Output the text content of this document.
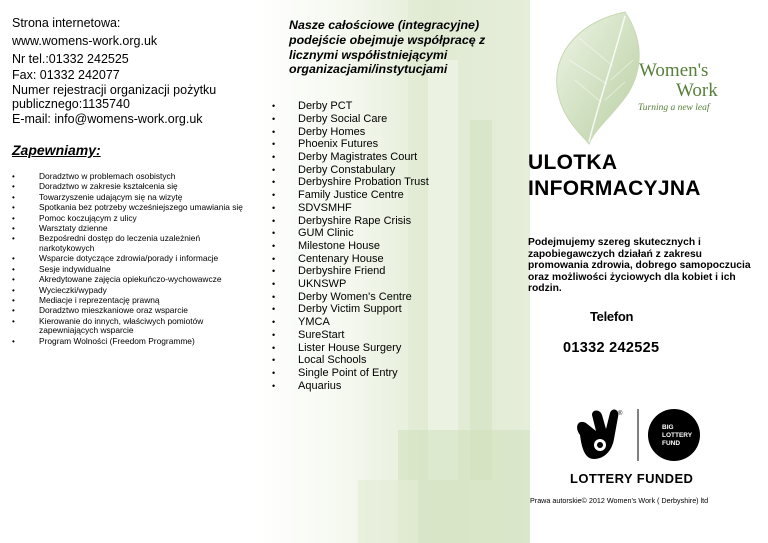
Strona internetowa:
www.womens-work.org.uk
Nr tel.:01332 242525
Fax: 01332 242077
Numer rejestracji organizacji pożytku publicznego:1135740
E-mail: info@womens-work.org.uk
Zapewniamy:
• Doradztwo w problemach osobistych
• Doradztwo w zakresie kształcenia się
• Towarzyszenie udającym się na wizytę
• Spotkania bez potrzeby wcześniejszego umawiania się
• Pomoc koczującym z ulicy
• Warsztaty dzienne
• Bezpośredni dostęp do leczenia uzależnień narkotykowych
• Wsparcie dotyczące zdrowia/porady i informacje
• Sesje indywidualne
• Akredytowane zajęcia opiekuńczo-wychowawcze
• Wycieczki/wypady
• Mediacje i reprezentację prawną
• Doradztwo mieszkaniowe oraz wsparcie
• Kierowanie do innych, właściwych pomiotów zapewniających wsparcie
• Program Wolności (Freedom Programme)
Nasze całościowe (integracyjne) podejście obejmuje współpracę z licznymi współistniejącymi organizacjami/instytucjami
• Derby PCT
• Derby Social Care
• Derby Homes
• Phoenix Futures
• Derby Magistrates Court
• Derby Constabulary
• Derbyshire Probation Trust
• Family Justice Centre
• SDVSMHF
• Derbyshire Rape Crisis
• GUM Clinic
• Milestone House
• Centenary House
• Derbyshire Friend
• UKNSWP
• Derby Women's Centre
• Derby Victim Support
• YMCA
• SureStart
• Lister House Surgery
• Local Schools
• Single Point of Entry
• Aquarius
Women's
Work
Turning a new leaf
ULOTKA
INFORMACYJNA
Podejmujemy szereg skutecznych i zapobiegawczych działań z zakresu promowania zdrowia, dobrego samopoczucia oraz możliwości życiowych dla kobiet i ich rodzin.
Telefon
01332 242525
®
BIG
LOTTERY
FUND
LOTTERY FUNDED
Prawa autorskie© 2012 Women's Work ( Derbyshire) ltd
